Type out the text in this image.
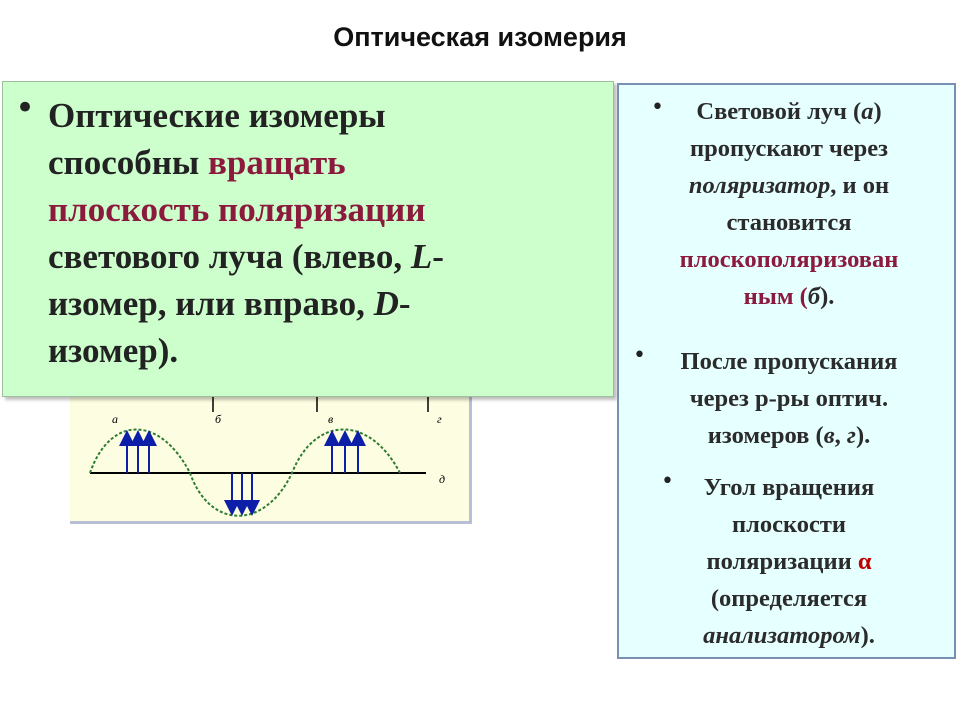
Оптическая изомерия
а	б	в	г
д
• Оптические изомеры
способны вращать
плоскость поляризации
светового луча (влево, L-
изомер, или вправо, D-
изомер).
•	Световой луч (а)
пропускают через
поляризатор, и он
становится
плоскополяризован
ным (б).
•	После пропускания
через р-ры оптич.
изомеров (в, г).
•	Угол вращения
плоскости
поляризации α
(определяется
анализатором).
